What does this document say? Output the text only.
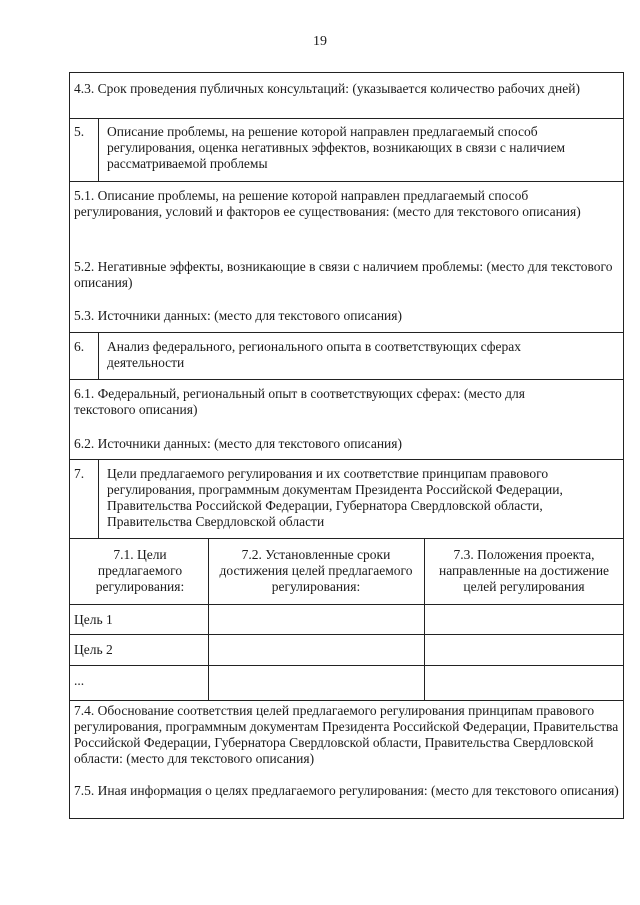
19
4.3. Срок проведения публичных консультаций: (указывается количество рабочих дней)
5. Описание проблемы, на решение которой направлен предлагаемый способ регулирования, оценка негативных эффектов, возникающих в связи с наличием рассматриваемой проблемы
5.1. Описание проблемы, на решение которой направлен предлагаемый способ регулирования, условий и факторов ее существования: (место для текстового описания)
5.2. Негативные эффекты, возникающие в связи с наличием проблемы: (место для текстового описания)
5.3. Источники данных: (место для текстового описания)
6. Анализ федерального, регионального опыта в соответствующих сферах деятельности
6.1. Федеральный, региональный опыт в соответствующих сферах: (место для текстового описания)
6.2. Источники данных: (место для текстового описания)
7. Цели предлагаемого регулирования и их соответствие принципам правового регулирования, программным документам Президента Российской Федерации, Правительства Российской Федерации, Губернатора Свердловской области, Правительства Свердловской области
7.1. Цели предлагаемого регулирования:
7.2. Установленные сроки достижения целей предлагаемого регулирования:
7.3. Положения проекта, направленные на достижение целей регулирования
Цель 1
Цель 2
...
7.4. Обоснование соответствия целей предлагаемого регулирования принципам правового регулирования, программным документам Президента Российской Федерации, Правительства Российской Федерации, Губернатора Свердловской области, Правительства Свердловской области: (место для текстового описания)
7.5. Иная информация о целях предлагаемого регулирования: (место для текстового описания)
